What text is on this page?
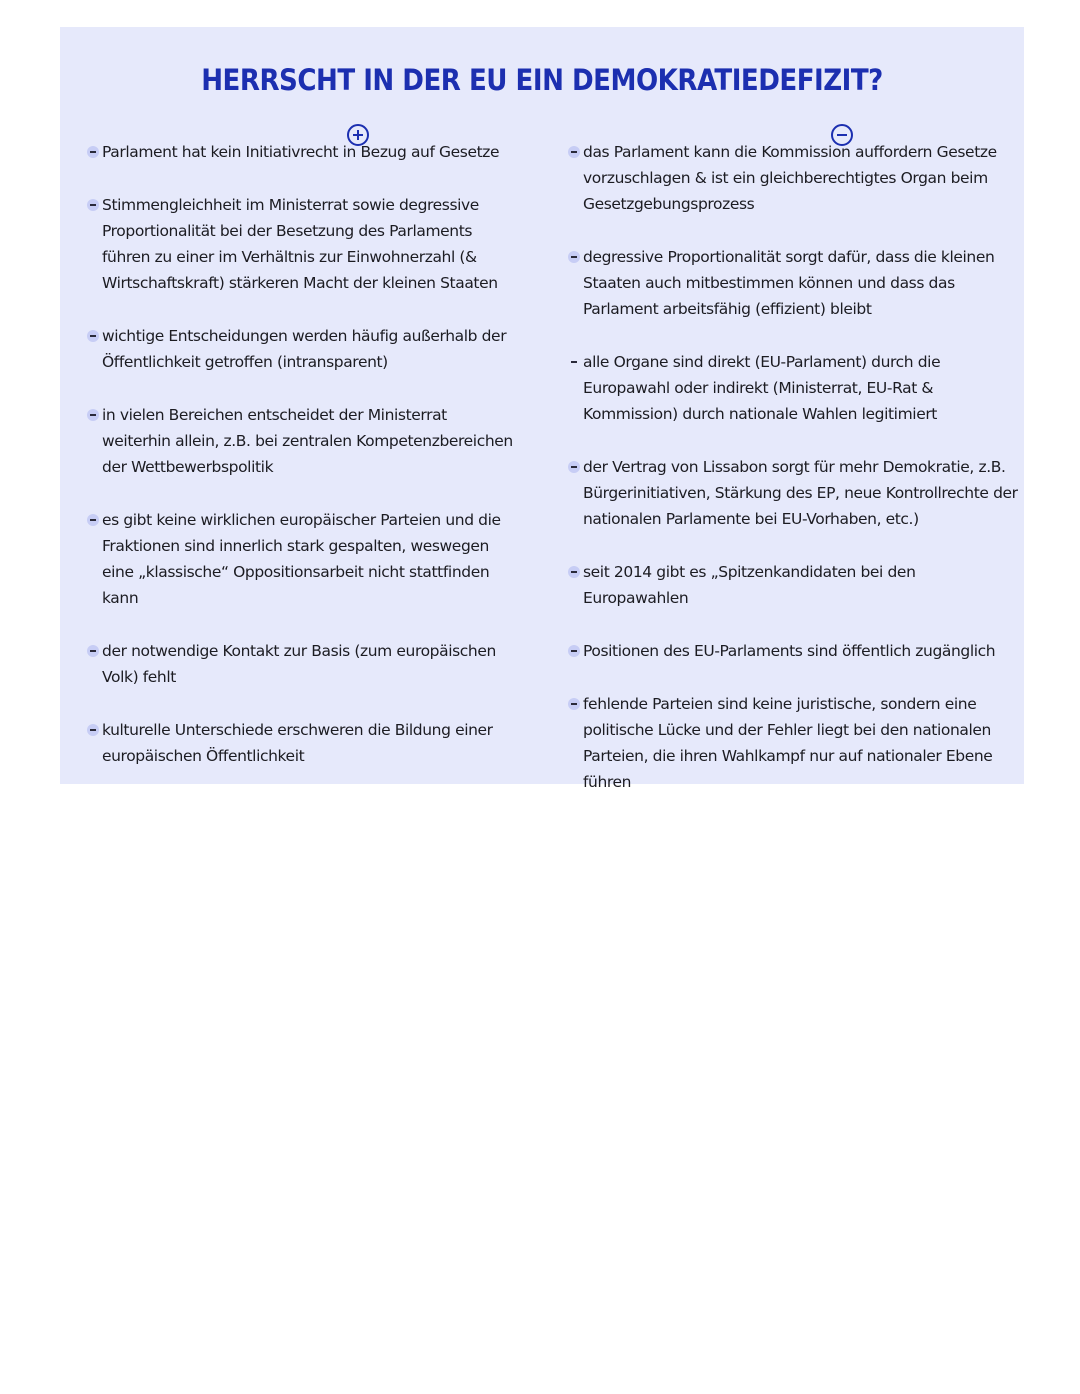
HERRSCHT IN DER EU EIN DEMOKRATIEDEFIZIT?
Parlament hat kein Initiativrecht in Bezug auf Gesetze
Stimmengleichheit im Ministerrat sowie degressive Proportionalität bei der Besetzung des Parlaments führen zu einer im Verhältnis zur Einwohnerzahl (& Wirtschaftskraft) stärkeren Macht der kleinen Staaten
wichtige Entscheidungen werden häufig außerhalb der Öffentlichkeit getroffen (intransparent)
in vielen Bereichen entscheidet der Ministerrat weiterhin allein, z.B. bei zentralen Kompetenzbereichen der Wettbewerbspolitik
es gibt keine wirklichen europäischer Parteien und die Fraktionen sind innerlich stark gespalten, weswegen eine „klassische“ Oppositionsarbeit nicht stattfinden kann
der notwendige Kontakt zur Basis (zum europäischen Volk) fehlt
kulturelle Unterschiede erschweren die Bildung einer europäischen Öffentlichkeit
das Parlament kann die Kommission auffordern Gesetze vorzuschlagen & ist ein gleichberechtigtes Organ beim Gesetzgebungsprozess
degressive Proportionalität sorgt dafür, dass die kleinen Staaten auch mitbestimmen können und dass das Parlament arbeitsfähig (effizient) bleibt
alle Organe sind direkt (EU-Parlament) durch die Europawahl oder indirekt (Ministerrat, EU-Rat & Kommission) durch nationale Wahlen legitimiert
der Vertrag von Lissabon sorgt für mehr Demokratie, z.B. Bürgerinitiativen, Stärkung des EP, neue Kontrollrechte der nationalen Parlamente bei EU-Vorhaben, etc.)
seit 2014 gibt es „Spitzenkandidaten bei den Europawahlen
Positionen des EU-Parlaments sind öffentlich zugänglich
fehlende Parteien sind keine juristische, sondern eine politische Lücke und der Fehler liegt bei den nationalen Parteien, die ihren Wahlkampf nur auf nationaler Ebene führen
